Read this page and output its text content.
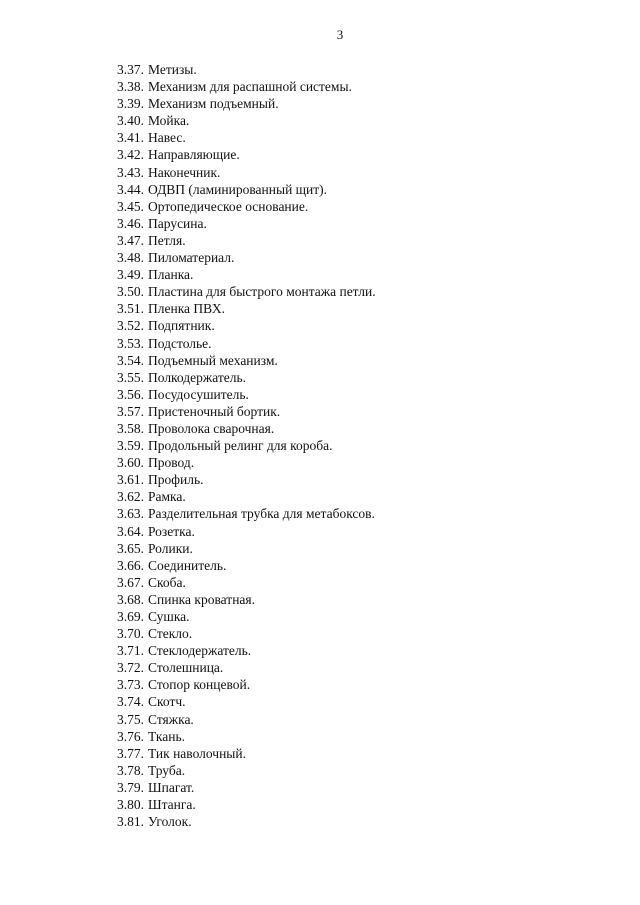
3
3.37. Метизы.
3.38. Механизм для распашной системы.
3.39. Механизм подъемный.
3.40. Мойка.
3.41. Навес.
3.42. Направляющие.
3.43. Наконечник.
3.44. ОДВП (ламинированный щит).
3.45. Ортопедическое основание.
3.46. Парусина.
3.47. Петля.
3.48. Пиломатериал.
3.49. Планка.
3.50. Пластина для быстрого монтажа петли.
3.51. Пленка ПВХ.
3.52. Подпятник.
3.53. Подстолье.
3.54. Подъемный механизм.
3.55. Полкодержатель.
3.56. Посудосушитель.
3.57. Пристеночный бортик.
3.58. Проволока сварочная.
3.59. Продольный релинг для короба.
3.60. Провод.
3.61. Профиль.
3.62. Рамка.
3.63. Разделительная трубка для метабоксов.
3.64. Розетка.
3.65. Ролики.
3.66. Соединитель.
3.67. Скоба.
3.68. Спинка кроватная.
3.69. Сушка.
3.70. Стекло.
3.71. Стеклодержатель.
3.72. Столешница.
3.73. Стопор концевой.
3.74. Скотч.
3.75. Стяжка.
3.76. Ткань.
3.77. Тик наволочный.
3.78. Труба.
3.79. Шпагат.
3.80. Штанга.
3.81. Уголок.
